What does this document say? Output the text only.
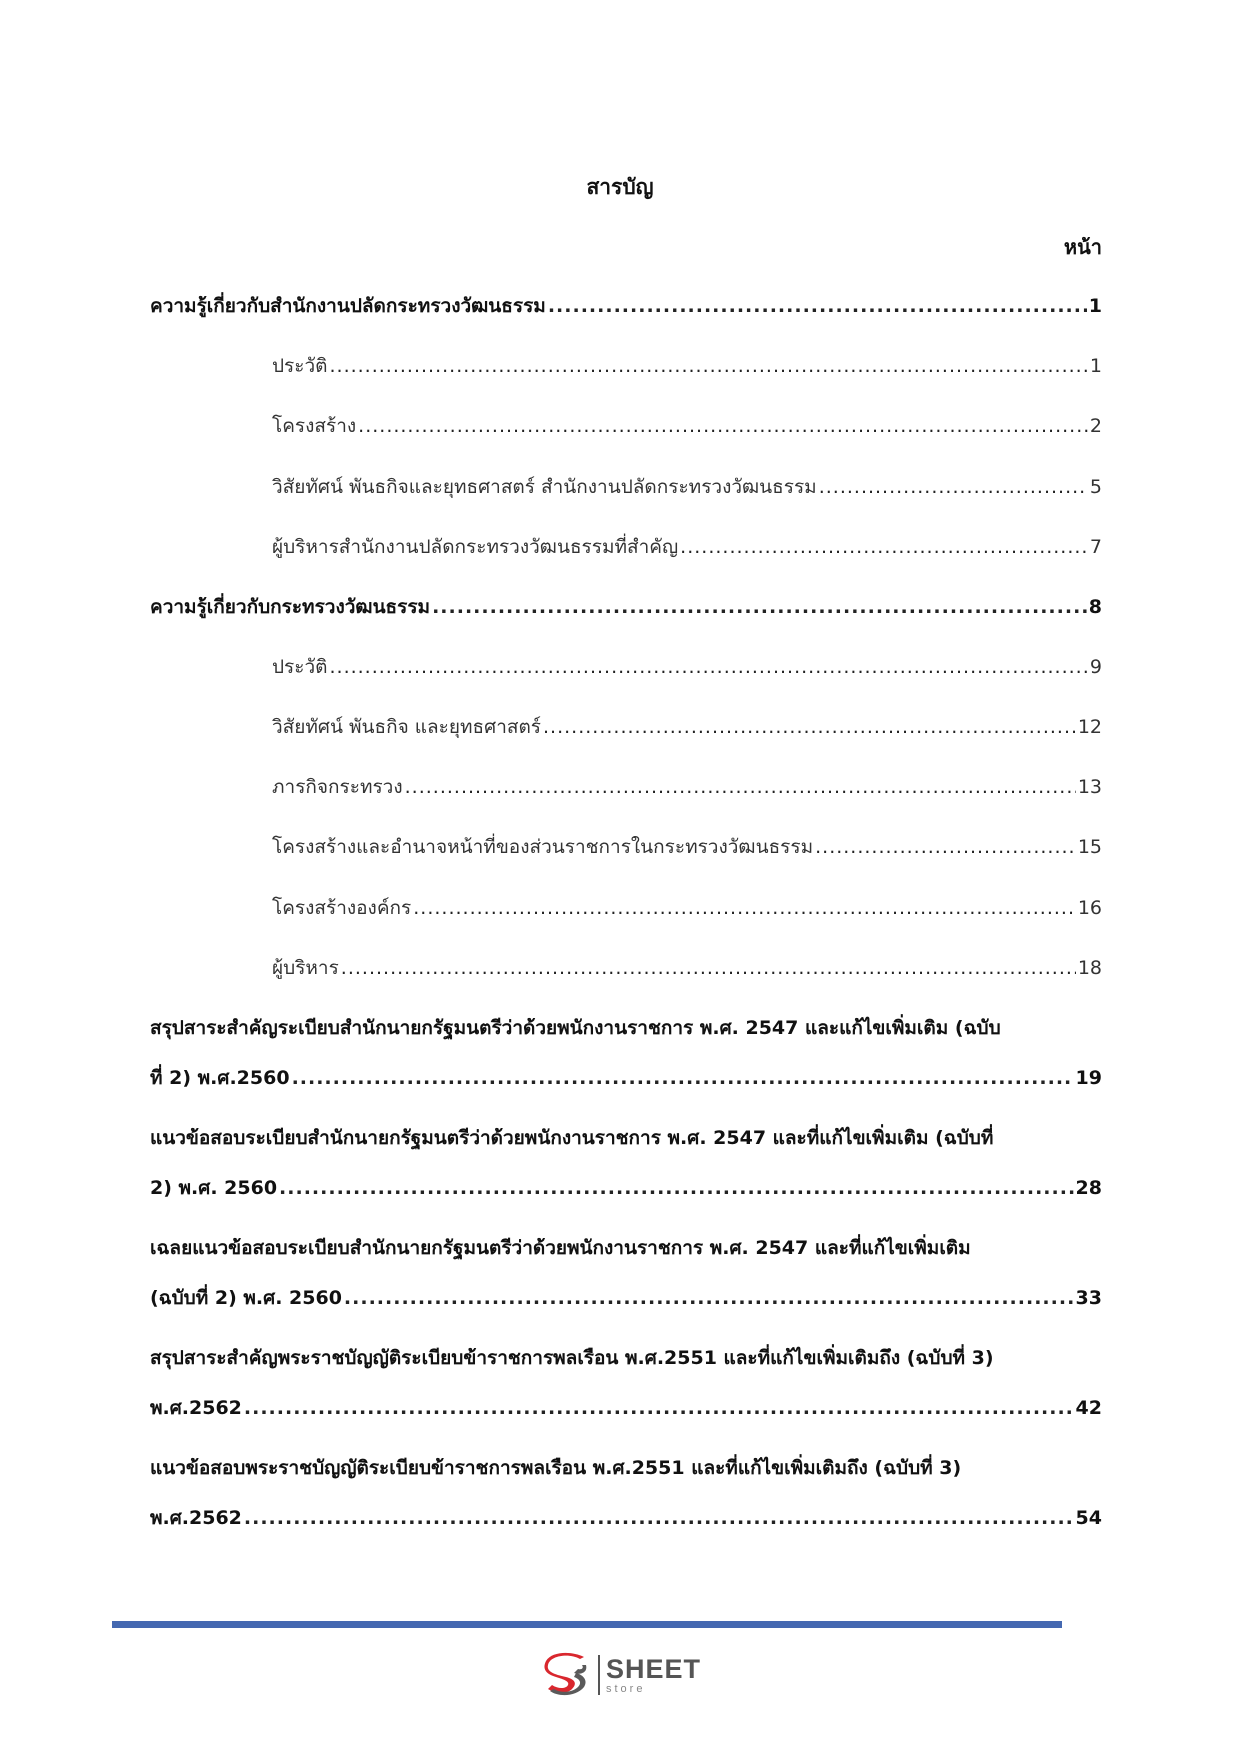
สารบัญ
หน้า
ความรู้เกี่ยวกับสำนักงานปลัดกระทรวงวัฒนธรรม .....	1
ประวัติ .....	1
โครงสร้าง .....	2
วิสัยทัศน์ พันธกิจและยุทธศาสตร์ สำนักงานปลัดกระทรวงวัฒนธรรม .....	5
ผู้บริหารสำนักงานปลัดกระทรวงวัฒนธรรมที่สำคัญ .....	7
ความรู้เกี่ยวกับกระทรวงวัฒนธรรม .....	8
ประวัติ .....	9
วิสัยทัศน์ พันธกิจ และยุทธศาสตร์ .....	12
ภารกิจกระทรวง .....	13
โครงสร้างและอำนาจหน้าที่ของส่วนราชการในกระทรวงวัฒนธรรม .....	15
โครงสร้างองค์กร .....	16
ผู้บริหาร .....	18
สรุปสาระสำคัญระเบียบสำนักนายกรัฐมนตรีว่าด้วยพนักงานราชการ พ.ศ. 2547 และแก้ไขเพิ่มเติม (ฉบับ
ที่ 2) พ.ศ.2560 .....	19
แนวข้อสอบระเบียบสำนักนายกรัฐมนตรีว่าด้วยพนักงานราชการ พ.ศ. 2547 และที่แก้ไขเพิ่มเติม (ฉบับที่
2) พ.ศ. 2560 .....	28
เฉลยแนวข้อสอบระเบียบสำนักนายกรัฐมนตรีว่าด้วยพนักงานราชการ พ.ศ. 2547 และที่แก้ไขเพิ่มเติม
(ฉบับที่ 2) พ.ศ. 2560 .....	33
สรุปสาระสำคัญพระราชบัญญัติระเบียบข้าราชการพลเรือน พ.ศ.2551 และที่แก้ไขเพิ่มเติมถึง (ฉบับที่ 3)
พ.ศ.2562 .....	42
แนวข้อสอบพระราชบัญญัติระเบียบข้าราชการพลเรือน พ.ศ.2551 และที่แก้ไขเพิ่มเติมถึง (ฉบับที่ 3)
พ.ศ.2562 .....	54
SHEET
store
